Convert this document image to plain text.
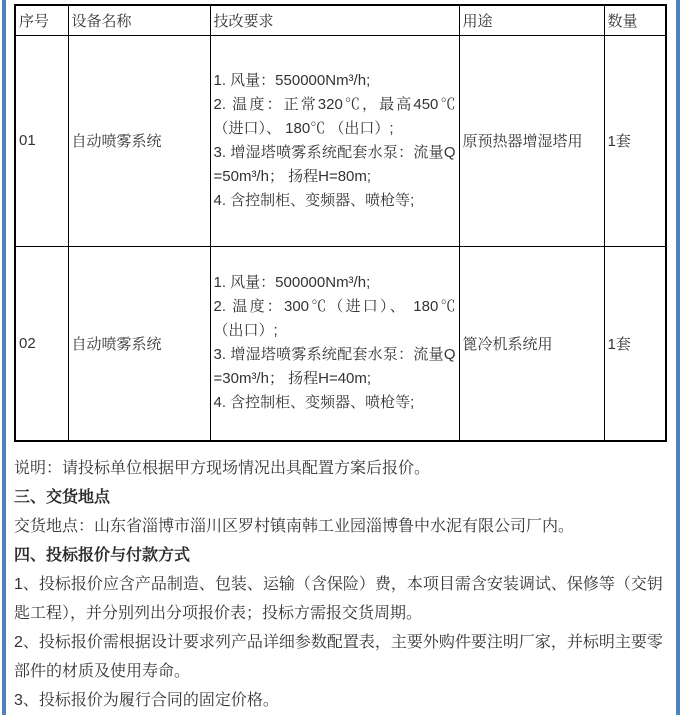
序号	设备名称	技改要求	用途	数量
01	自动喷雾系统	1. 风量：550000Nm³/h;
2. 温度：正常320℃，最高450℃（进口）、 180℃ （出口）;
3. 增湿塔喷雾系统配套水泵：流量Q=50m³/h； 扬程H=80m;
4. 含控制柜、变频器、喷枪等;	原预热器增湿塔用	1套
02	自动喷雾系统	1. 风量：500000Nm³/h;
2. 温度：300℃（进口）、 180℃（出口）;
3. 增湿塔喷雾系统配套水泵：流量Q=30m³/h； 扬程H=40m;
4. 含控制柜、变频器、喷枪等;	篦冷机系统用	1套

说明：请投标单位根据甲方现场情况出具配置方案后报价。

三、交货地点

交货地点：山东省淄博市淄川区罗村镇南韩工业园淄博鲁中水泥有限公司厂内。

四、投标报价与付款方式

1、投标报价应含产品制造、包装、运输（含保险）费，本项目需含安装调试、保修等（交钥匙工程），并分别列出分项报价表；投标方需报交货周期。

2、投标报价需根据设计要求列产品详细参数配置表，主要外购件要注明厂家，并标明主要零部件的材质及使用寿命。

3、投标报价为履行合同的固定价格。
